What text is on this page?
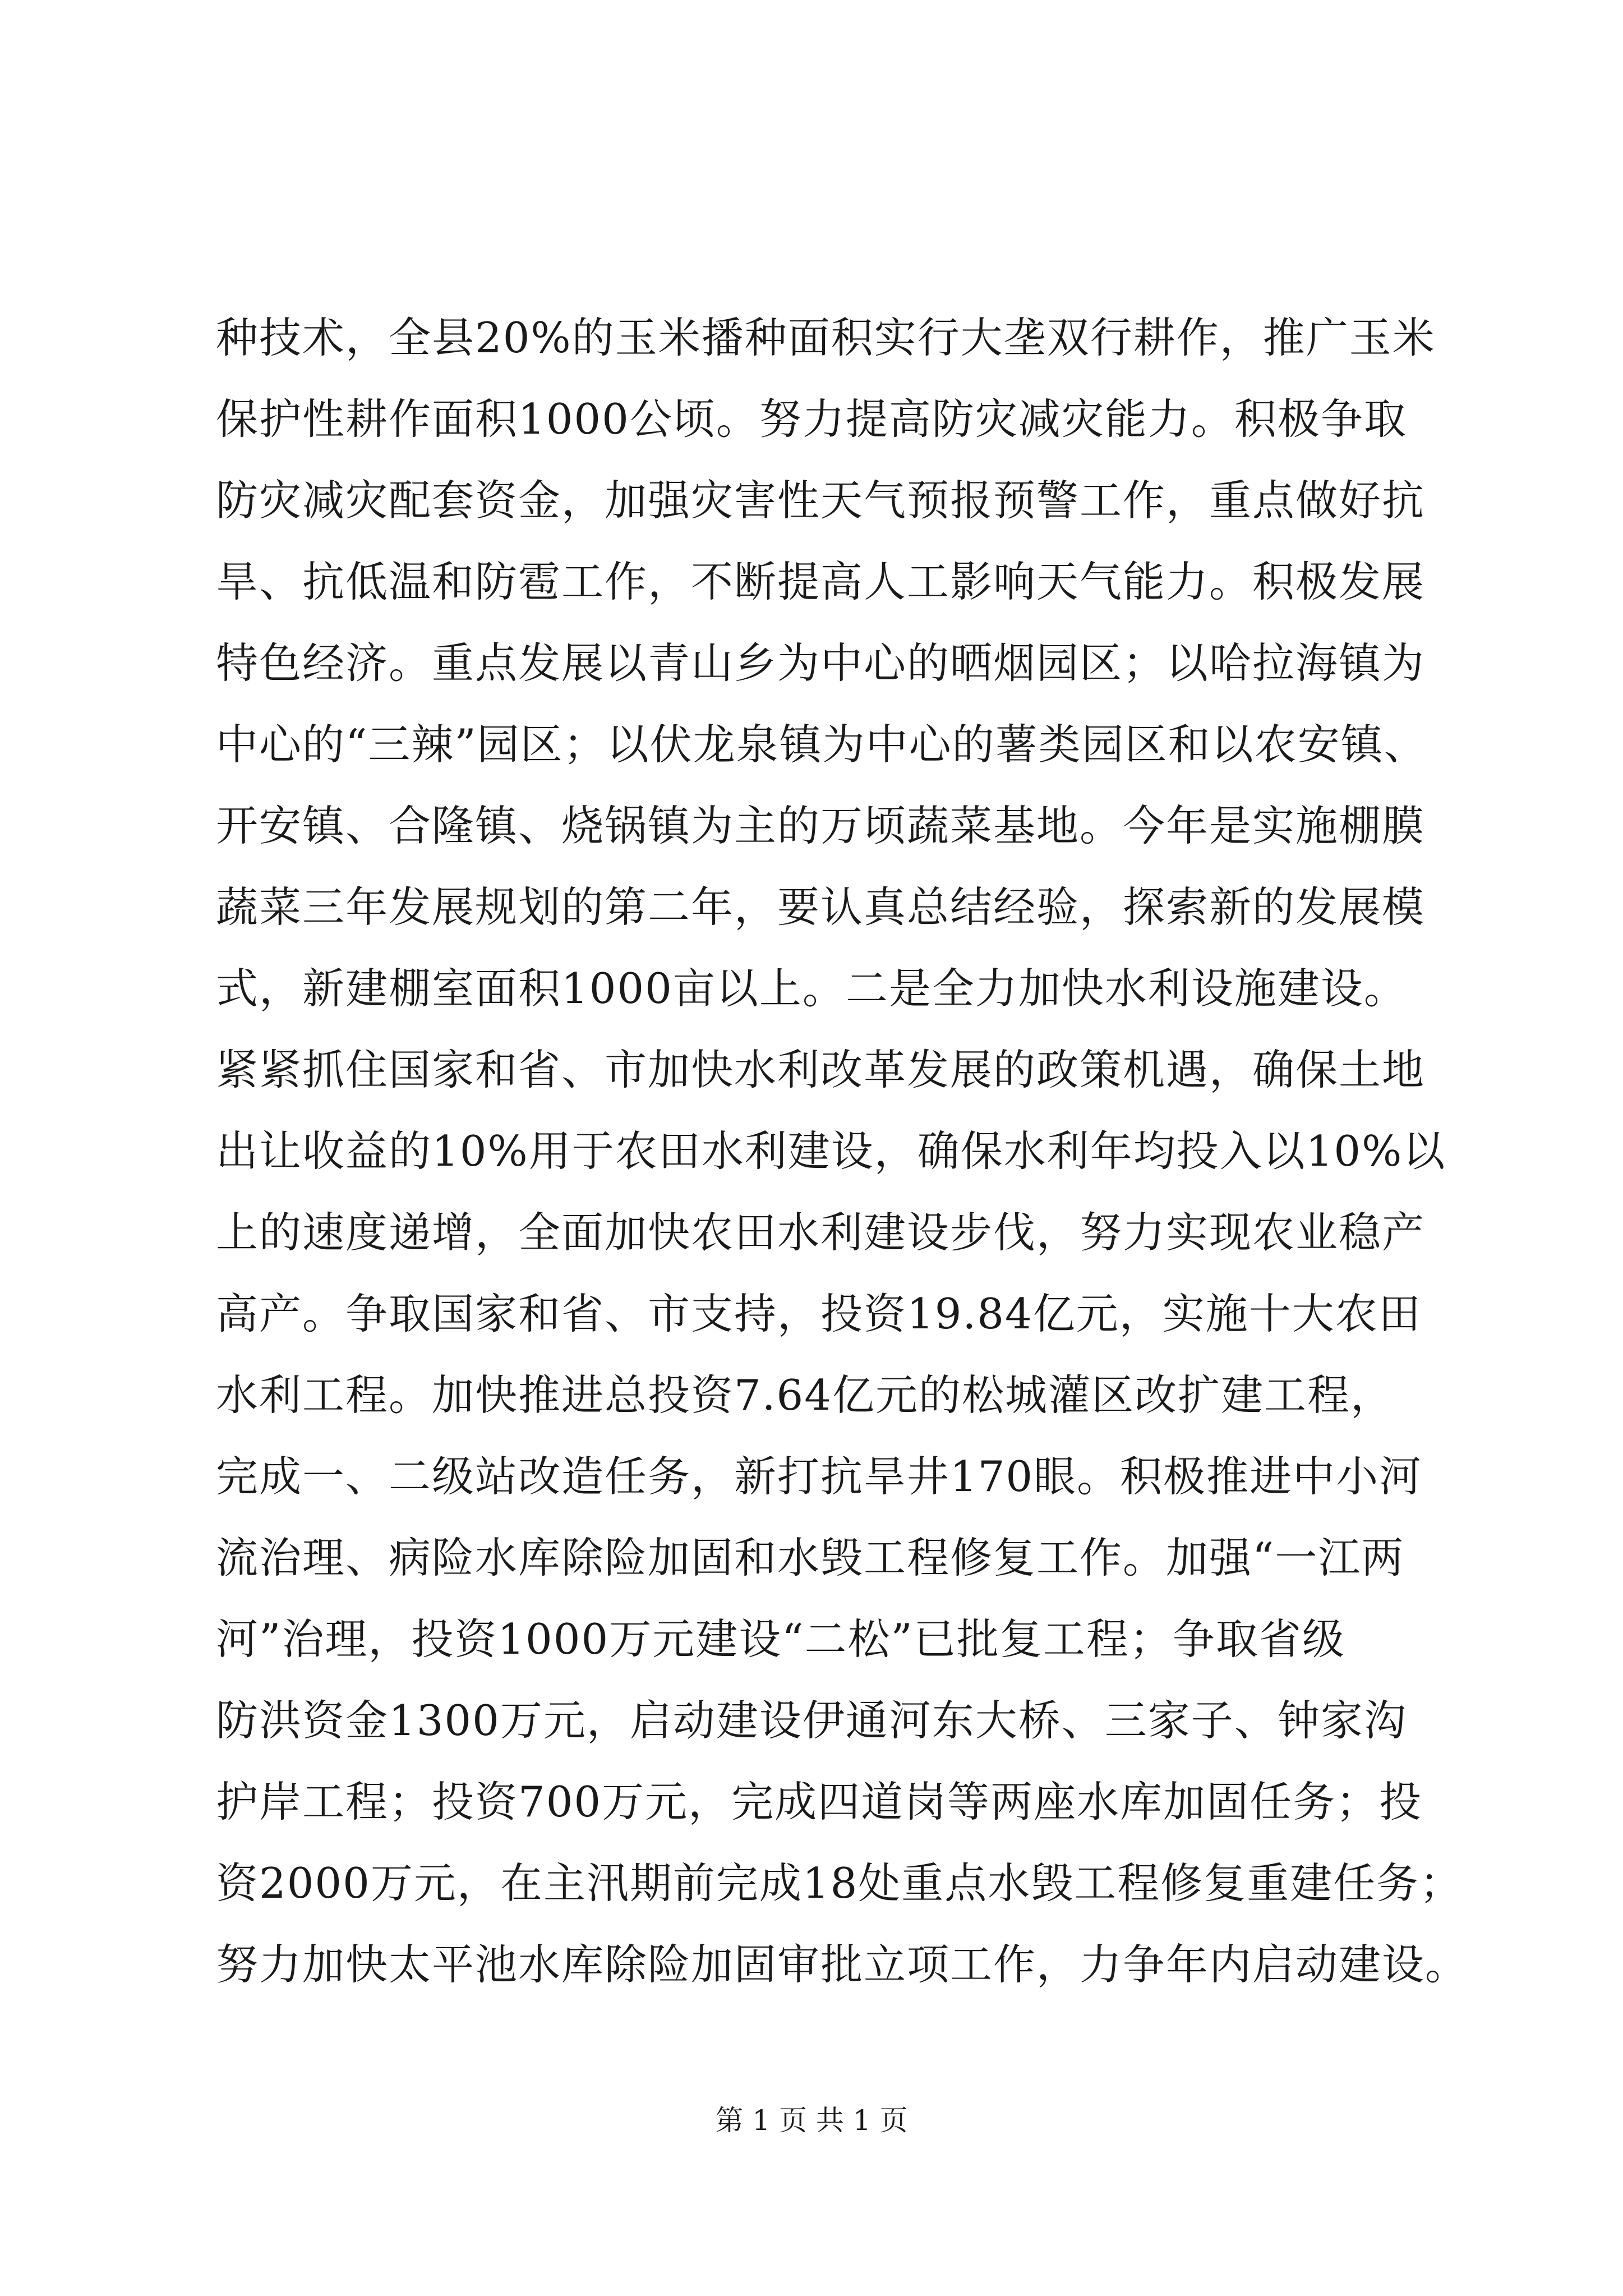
种技术，全县20%的玉米播种面积实行大垄双行耕作，推广玉米
保护性耕作面积1000公顷。努力提高防灾减灾能力。积极争取
防灾减灾配套资金，加强灾害性天气预报预警工作，重点做好抗
旱、抗低温和防雹工作，不断提高人工影响天气能力。积极发展
特色经济。重点发展以青山乡为中心的晒烟园区；以哈拉海镇为
中心的“三辣”园区；以伏龙泉镇为中心的薯类园区和以农安镇、
开安镇、合隆镇、烧锅镇为主的万顷蔬菜基地。今年是实施棚膜
蔬菜三年发展规划的第二年，要认真总结经验，探索新的发展模
式，新建棚室面积1000亩以上。二是全力加快水利设施建设。
紧紧抓住国家和省、市加快水利改革发展的政策机遇，确保土地
出让收益的10%用于农田水利建设，确保水利年均投入以10%以
上的速度递增，全面加快农田水利建设步伐，努力实现农业稳产
高产。争取国家和省、市支持，投资19.84亿元，实施十大农田
水利工程。加快推进总投资7.64亿元的松城灌区改扩建工程，
完成一、二级站改造任务，新打抗旱井170眼。积极推进中小河
流治理、病险水库除险加固和水毁工程修复工作。加强“一江两
河”治理，投资1000万元建设“二松”已批复工程；争取省级
防洪资金1300万元，启动建设伊通河东大桥、三家子、钟家沟
护岸工程；投资700万元，完成四道岗等两座水库加固任务；投
资2000万元，在主汛期前完成18处重点水毁工程修复重建任务；
努力加快太平池水库除险加固审批立项工作，力争年内启动建设。
第 1 页 共 1 页
